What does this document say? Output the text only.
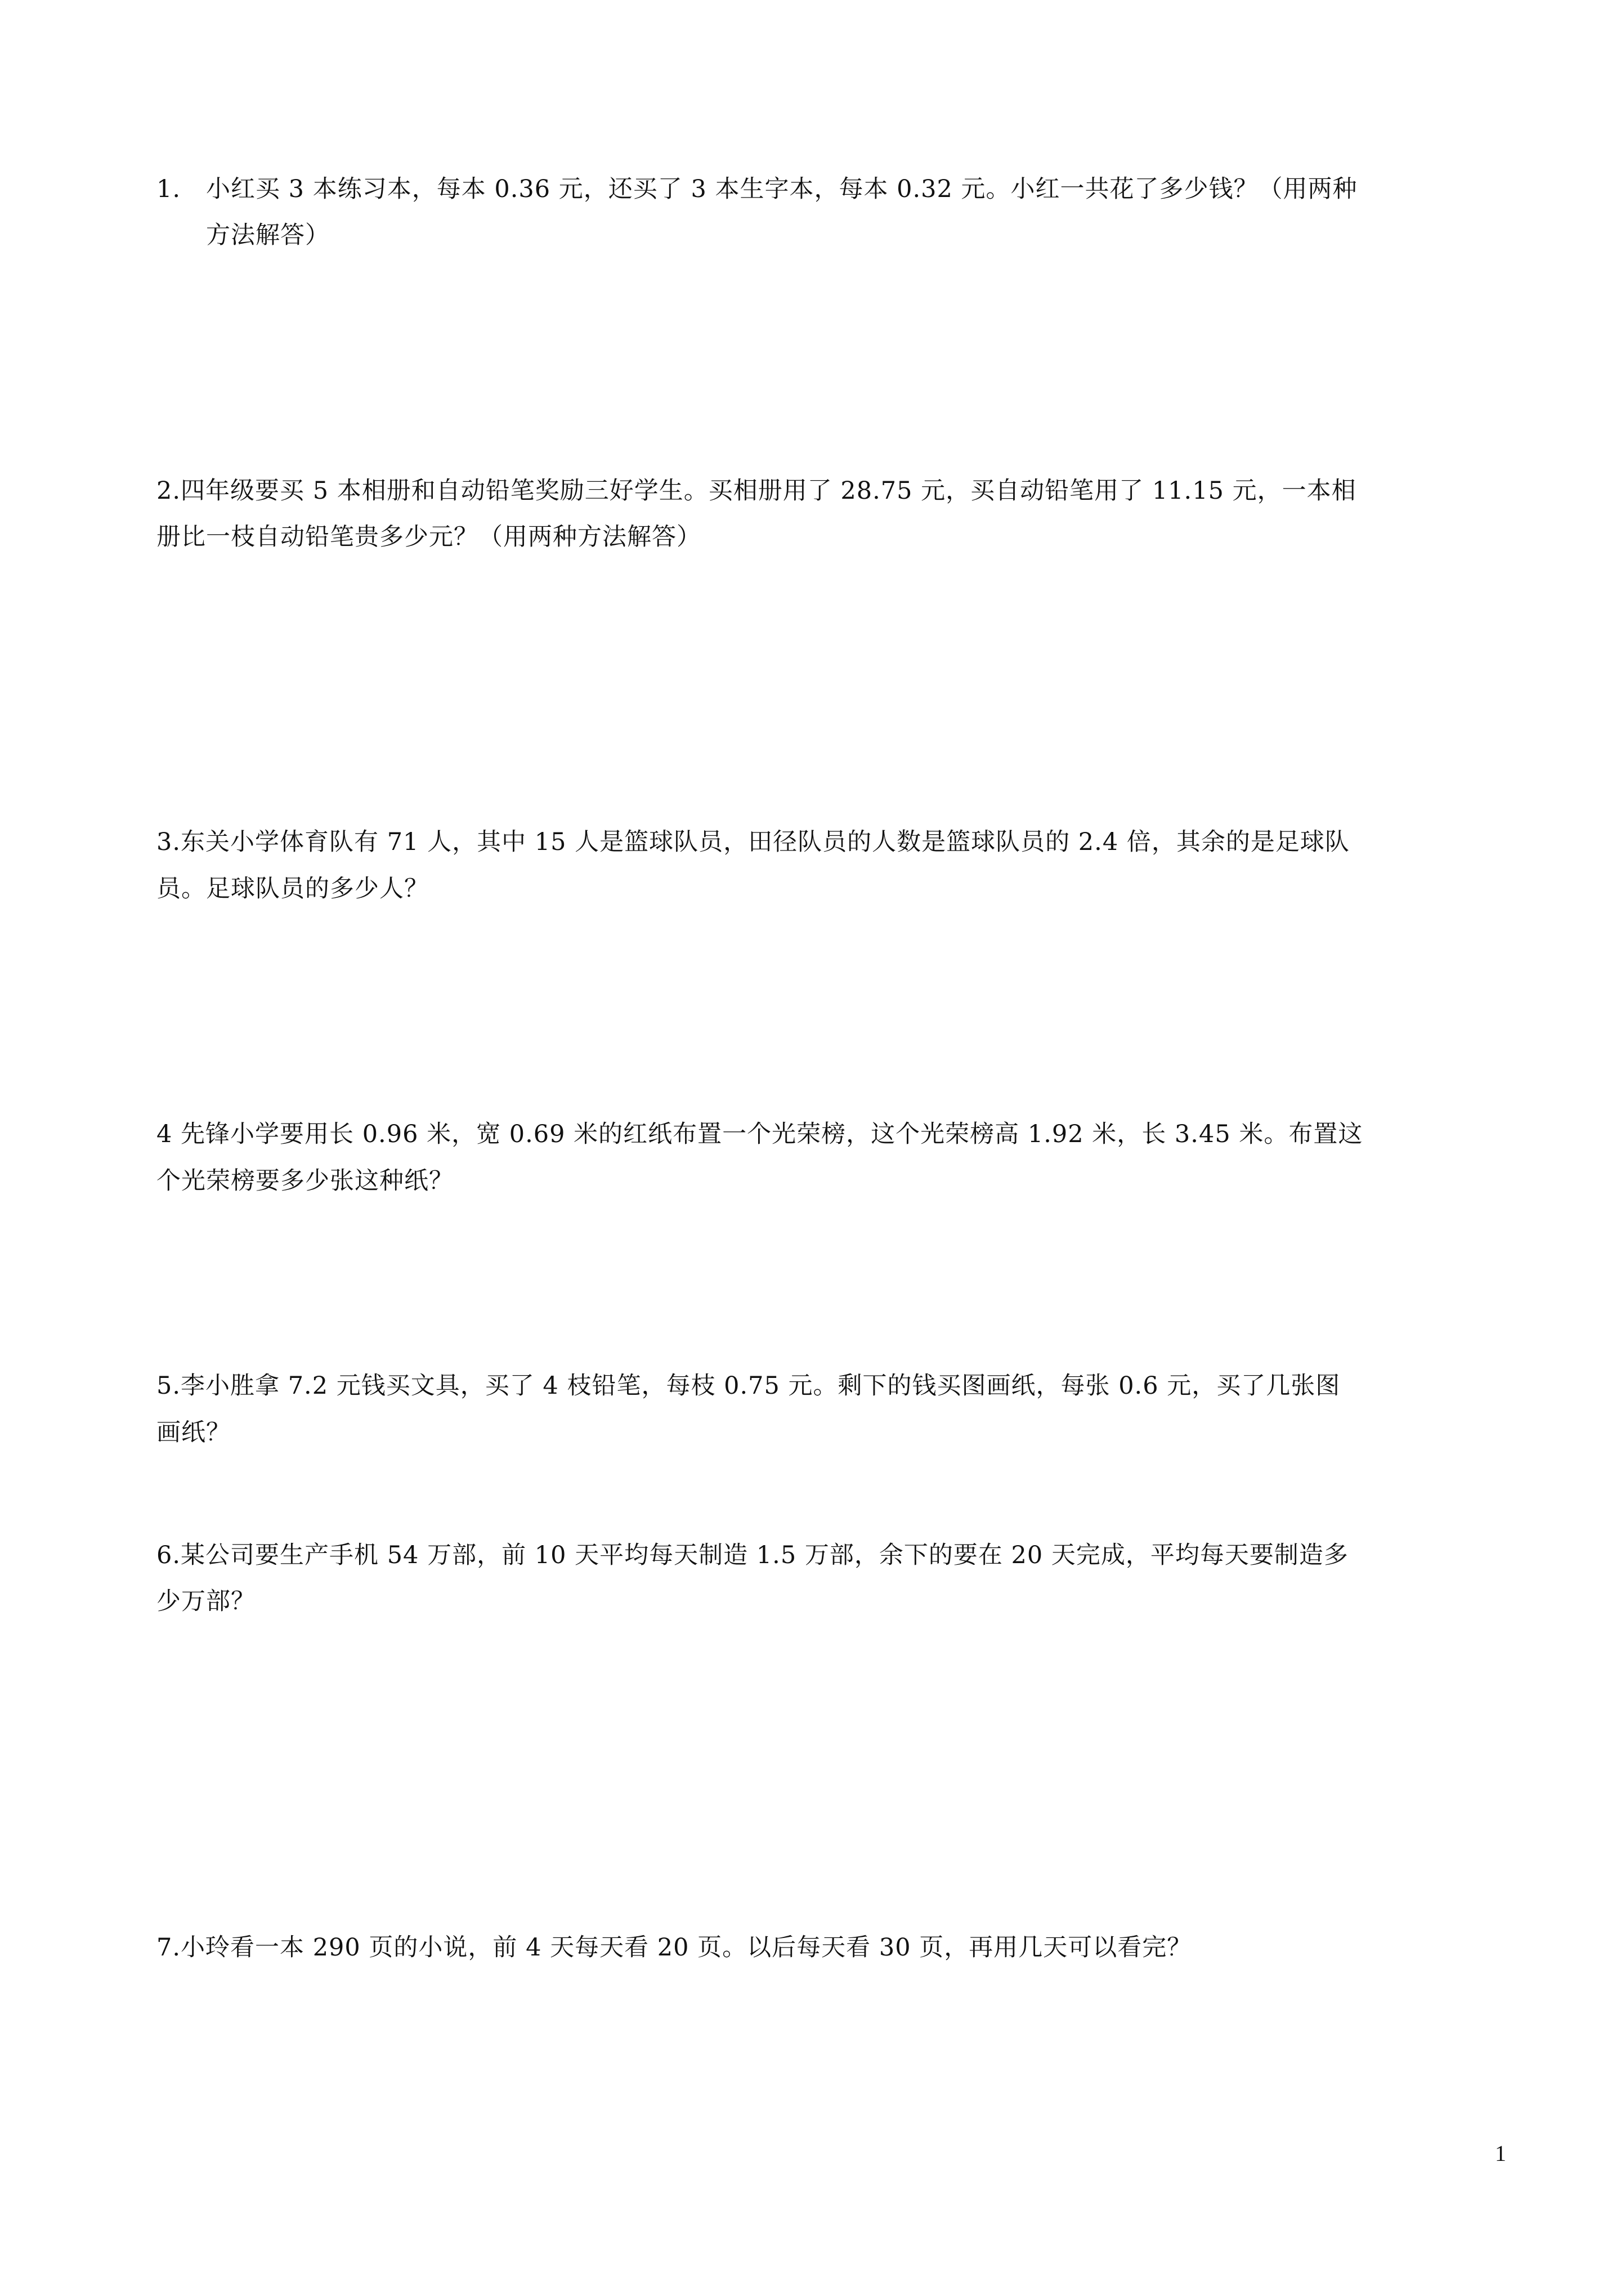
1. 小红买 3 本练习本，每本 0.36 元，还买了 3 本生字本，每本 0.32 元。小红一共花了多少钱？（用两种
方法解答）
2.四年级要买 5 本相册和自动铅笔奖励三好学生。买相册用了 28.75 元，买自动铅笔用了 11.15 元，一本相
册比一枝自动铅笔贵多少元？（用两种方法解答）
3.东关小学体育队有 71 人，其中 15 人是篮球队员，田径队员的人数是篮球队员的 2.4 倍，其余的是足球队
员。足球队员的多少人？
4 先锋小学要用长 0.96 米，宽 0.69 米的红纸布置一个光荣榜，这个光荣榜高 1.92 米，长 3.45 米。布置这
个光荣榜要多少张这种纸？
5.李小胜拿 7.2 元钱买文具，买了 4 枝铅笔，每枝 0.75 元。剩下的钱买图画纸，每张 0.6 元，买了几张图
画纸？
6.某公司要生产手机 54 万部，前 10 天平均每天制造 1.5 万部，余下的要在 20 天完成，平均每天要制造多
少万部？
7.小玲看一本 290 页的小说，前 4 天每天看 20 页。以后每天看 30 页，再用几天可以看完？
1
